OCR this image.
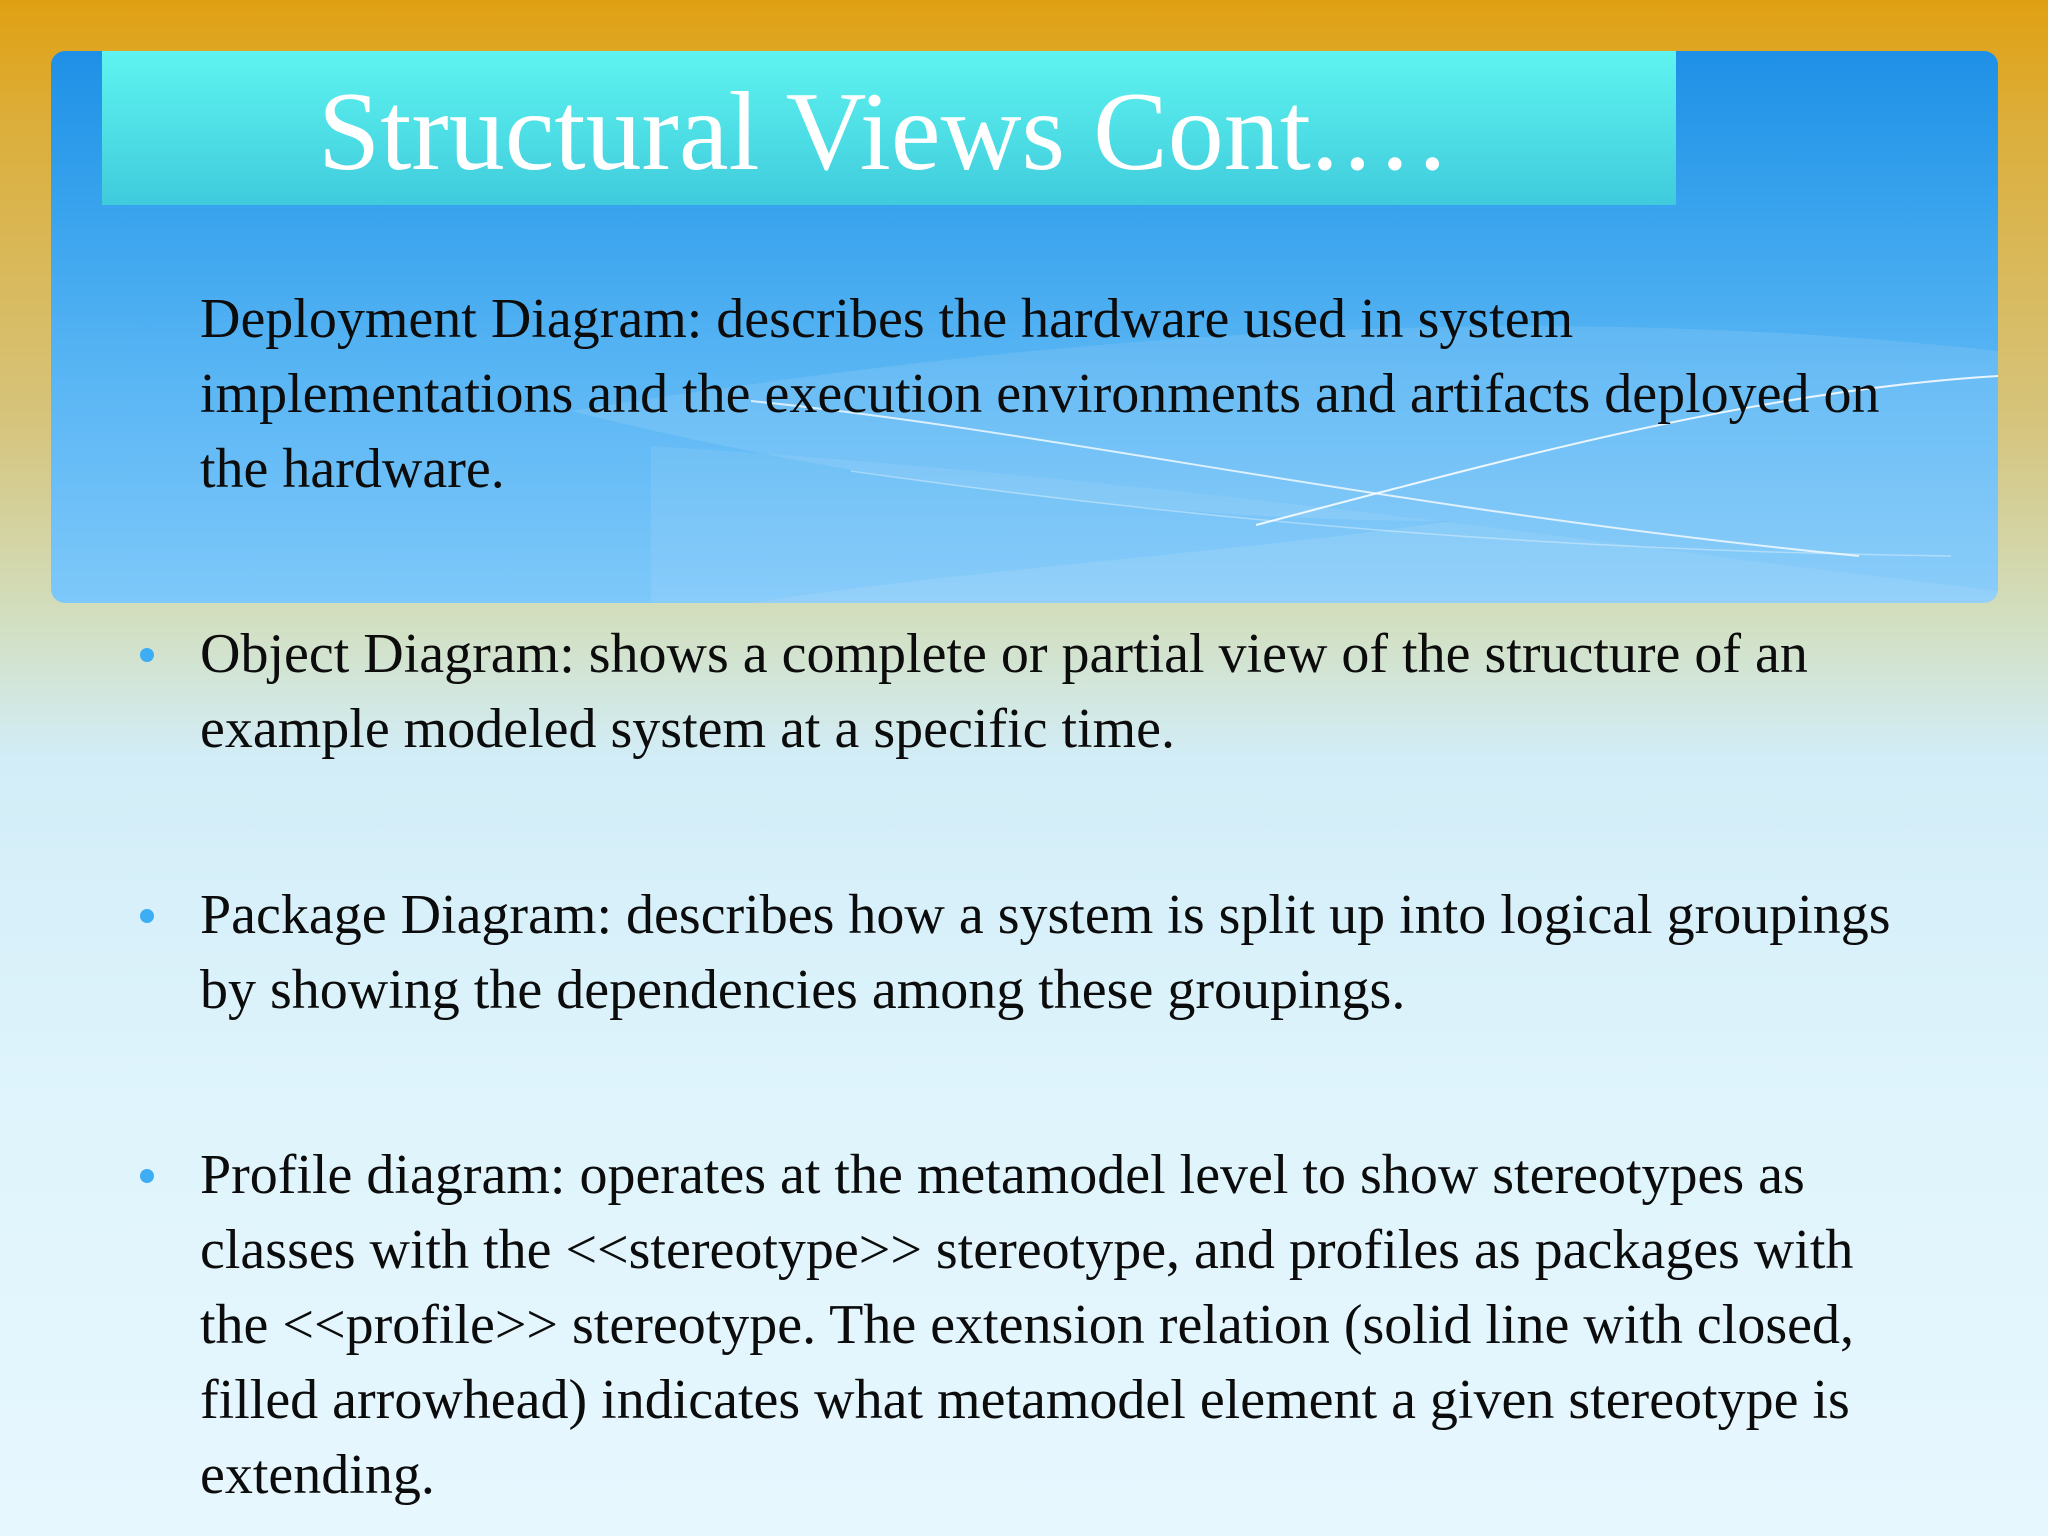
Structural Views Cont.…

Deployment Diagram: describes the hardware used in system implementations and the execution environments and artifacts deployed on the hardware.

Object Diagram: shows a complete or partial view of the structure of an example modeled system at a specific time.

Package Diagram: describes how a system is split up into logical groupings by showing the dependencies among these groupings.

Profile diagram: operates at the metamodel level to show stereotypes as classes with the <<stereotype>> stereotype, and profiles as packages with the <<profile>> stereotype. The extension relation (solid line with closed, filled arrowhead) indicates what metamodel element a given stereotype is extending.
